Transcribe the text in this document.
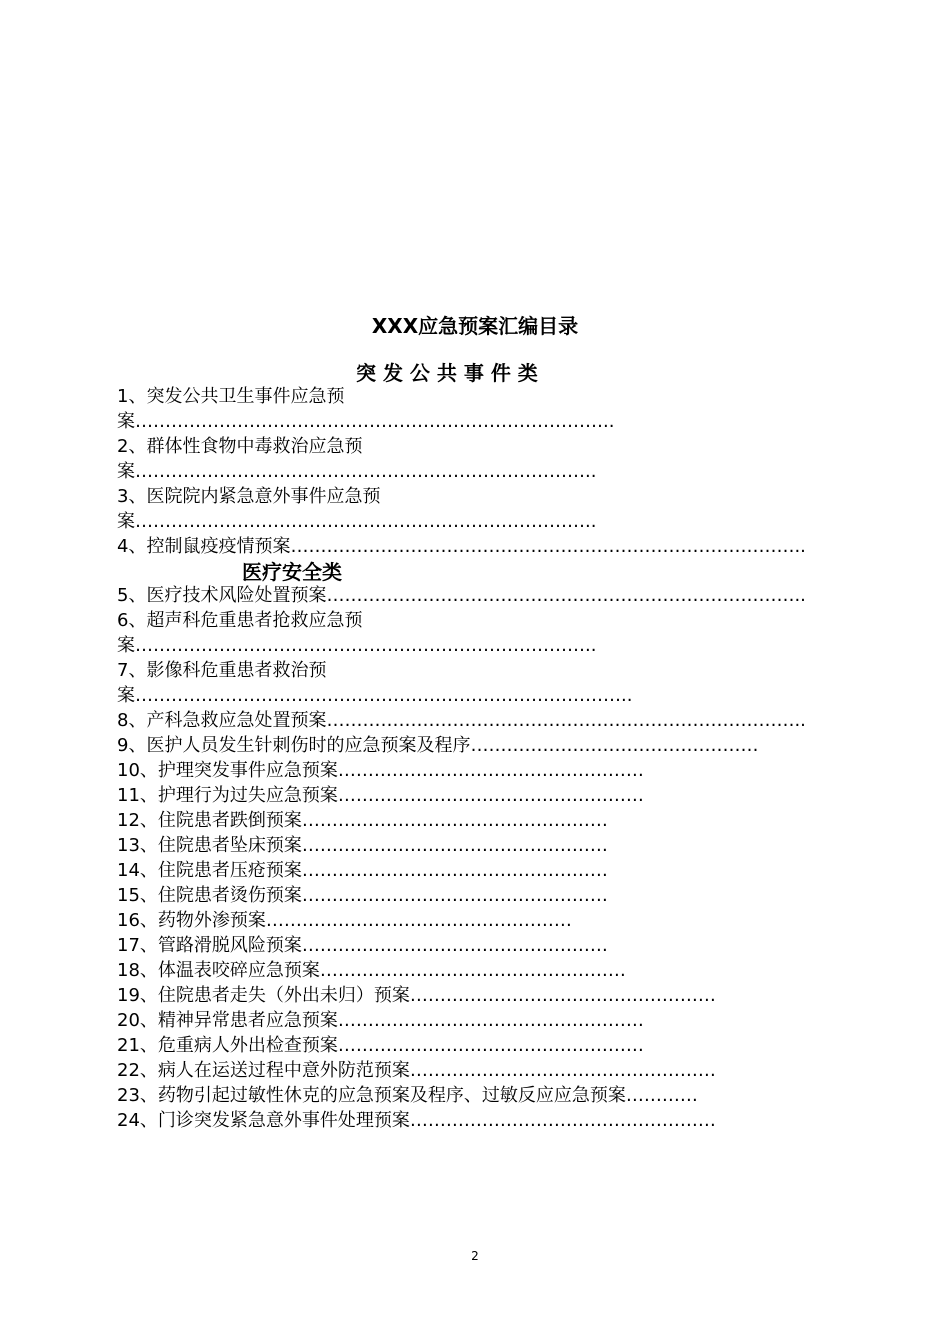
XXX应急预案汇编目录
突 发 公 共 事 件 类

1、突发公共卫生事件应急预案……………………………………………………………………..

2、群体性食物中毒救治应急预案…………………………………………………………………..

3、医院院内紧急意外事件应急预案…………………………………………………………………..

4、控制鼠疫疫情预案…………………………………………………………………………..

医疗安全类

5、医疗技术风险处置预案……………………………………………………………………..

6、超声科危重患者抢救应急预案…………………………………………………………………..

7、影像科危重患者救治预案………………………………………………………………………..

8、产科急救应急处置预案……………………………………………………………………..

9、医护人员发生针刺伤时的应急预案及程序…………………………………………

10、护理突发事件应急预案……………………………………………

11、护理行为过失应急预案……………………………………………

12、住院患者跌倒预案……………………………………………

13、住院患者坠床预案……………………………………………

14、住院患者压疮预案……………………………………………

15、住院患者烫伤预案……………………………………………

16、药物外渗预案……………………………………………

17、管路滑脱风险预案……………………………………………

18、体温表咬碎应急预案……………………………………………

19、住院患者走失（外出未归）预案……………………………………………

20、精神异常患者应急预案……………………………………………

21、危重病人外出检查预案……………………………………………

22、病人在运送过程中意外防范预案……………………………………………

23、药物引起过敏性休克的应急预案及程序、过敏反应应急预案…………

24、门诊突发紧急意外事件处理预案……………………………………………

2
